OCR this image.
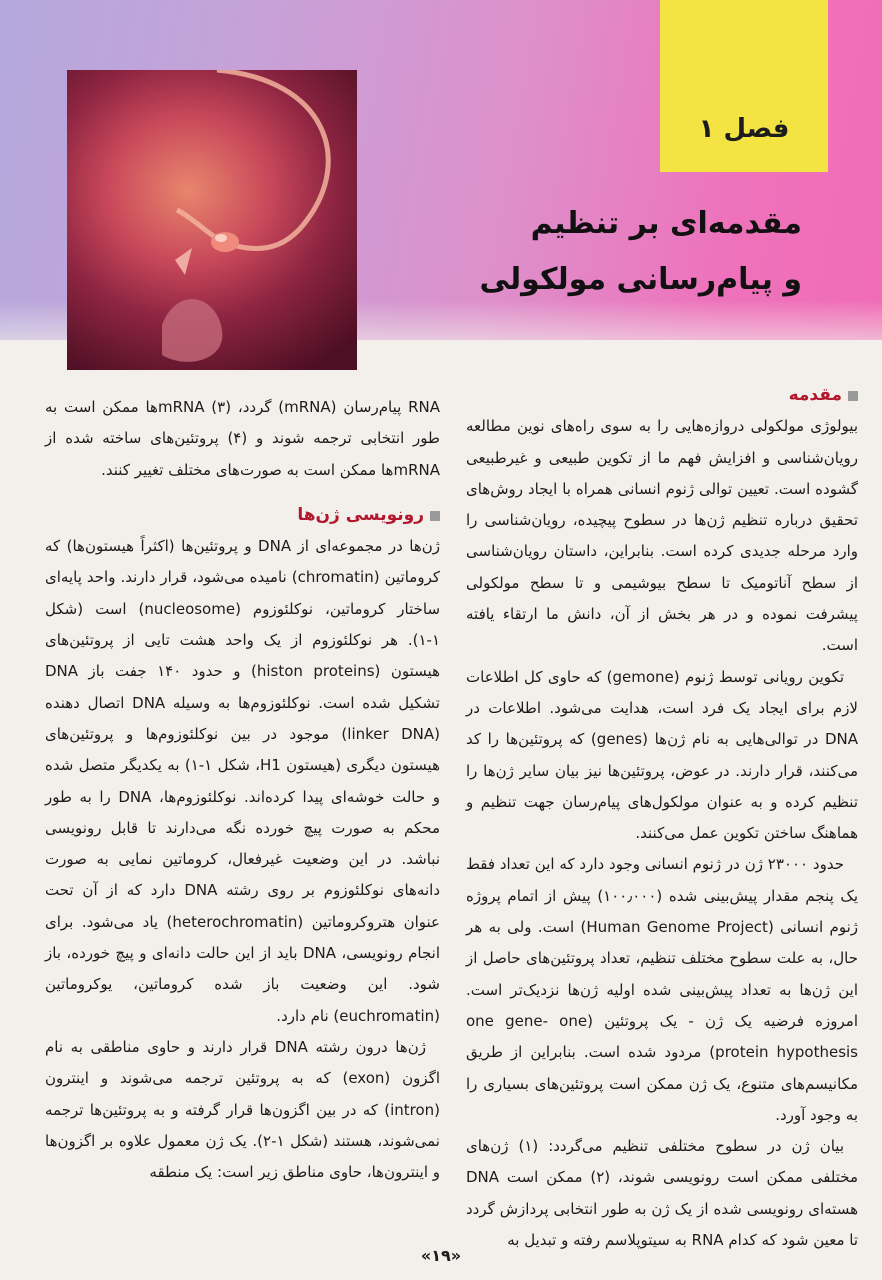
فصل ۱
مقدمه‌ای بر تنظیم
و پیام‌رسانی مولکولی
مقدمه

بیولوژی مولکولی دروازه‌هایی را به سوی راه‌های نوین مطالعه رویان‌شناسی و افزایش فهم ما از تکوین طبیعی و غیرطبیعی گشوده است. تعیین توالی ژنوم انسانی همراه با ایجاد روش‌های تحقیق درباره تنظیم ژن‌ها در سطوح پیچیده، رویان‌شناسی را وارد مرحله جدیدی کرده است. بنابراین، داستان رویان‌شناسی از سطح آناتومیک تا سطح بیوشیمی و تا سطح مولکولی پیشرفت نموده و در هر بخش از آن، دانش ما ارتقاء یافته است.

تکوین رویانی توسط ژنوم (gemone) که حاوی کل اطلاعات لازم برای ایجاد یک فرد است، هدایت می‌شود. اطلاعات در DNA در توالی‌هایی به نام ژن‌ها (genes) که پروتئین‌ها را کد می‌کنند، قرار دارند. در عوض، پروتئین‌ها نیز بیان سایر ژن‌ها را تنظیم کرده و به عنوان مولکول‌های پیام‌رسان جهت تنظیم و هماهنگ ساختن تکوین عمل می‌کنند.

حدود ۲۳۰۰۰ ژن در ژنوم انسانی وجود دارد که این تعداد فقط یک پنجم مقدار پیش‌بینی شده (۱۰۰٫۰۰۰) پیش از اتمام پروژه ژنوم انسانی (Human Genome Project) است. ولی به هر حال، به علت سطوح مختلف تنظیم، تعداد پروتئین‌های حاصل از این ژن‌ها به تعداد پیش‌بینی شده اولیه ژن‌ها نزدیک‌تر است. امروزه فرضیه یک ژن - یک پروتئین (one gene- one protein hypothesis) مردود شده است. بنابراین از طریق مکانیسم‌های متنوع، یک ژن ممکن است پروتئین‌های بسیاری را به وجود آورد.

بیان ژن در سطوح مختلفی تنظیم می‌گردد: (۱) ژن‌های مختلفی ممکن است رونویسی شوند، (۲) ممکن است DNA هسته‌ای رونویسی شده از یک ژن به طور انتخابی پردازش گردد تا معین شود که کدام RNA به سیتوپلاسم رفته و تبدیل به

RNA پیام‌رسان (mRNA) گردد، (۳) mRNAها ممکن است به طور انتخابی ترجمه شوند و (۴) پروتئین‌های ساخته شده از mRNAها ممکن است به صورت‌های مختلف تغییر کنند.

رونویسی ژن‌ها

ژن‌ها در مجموعه‌ای از DNA و پروتئین‌ها (اکثراً هیستون‌ها) که کروماتین (chromatin) نامیده می‌شود، قرار دارند. واحد پایه‌ای ساختار کروماتین، نوکلئوزوم (nucleosome) است (شکل ۱-۱). هر نوکلئوزوم از یک واحد هشت تایی از پروتئین‌های هیستون (histon proteins) و حدود ۱۴۰ جفت باز DNA تشکیل شده است. نوکلئوزوم‌ها به وسیله DNA اتصال دهنده (linker DNA) موجود در بین نوکلئوزوم‌ها و پروتئین‌های هیستون دیگری (هیستون H1، شکل ۱-۱) به یکدیگر متصل شده و حالت خوشه‌ای پیدا کرده‌اند. نوکلئوزوم‌ها، DNA را به طور محکم به صورت پیچ خورده نگه می‌دارند تا قابل رونویسی نباشد. در این وضعیت غیرفعال، کروماتین نمایی به صورت دانه‌های نوکلئوزوم بر روی رشته DNA دارد که از آن تحت عنوان هتروکروماتین (heterochromatin) یاد می‌شود. برای انجام رونویسی، DNA باید از این حالت دانه‌ای و پیچ خورده، باز شود. این وضعیت باز شده کروماتین، یوکروماتین (euchromatin) نام دارد.

ژن‌ها درون رشته DNA قرار دارند و حاوی مناطقی به نام اگزون (exon) که به پروتئین ترجمه می‌شوند و اینترون (intron) که در بین اگزون‌ها قرار گرفته و به پروتئین‌ها ترجمه نمی‌شوند، هستند (شکل ۱-۲). یک ژن معمول علاوه بر اگزون‌ها و اینترون‌ها، حاوی مناطق زیر است: یک منطقه

«۱۹»
